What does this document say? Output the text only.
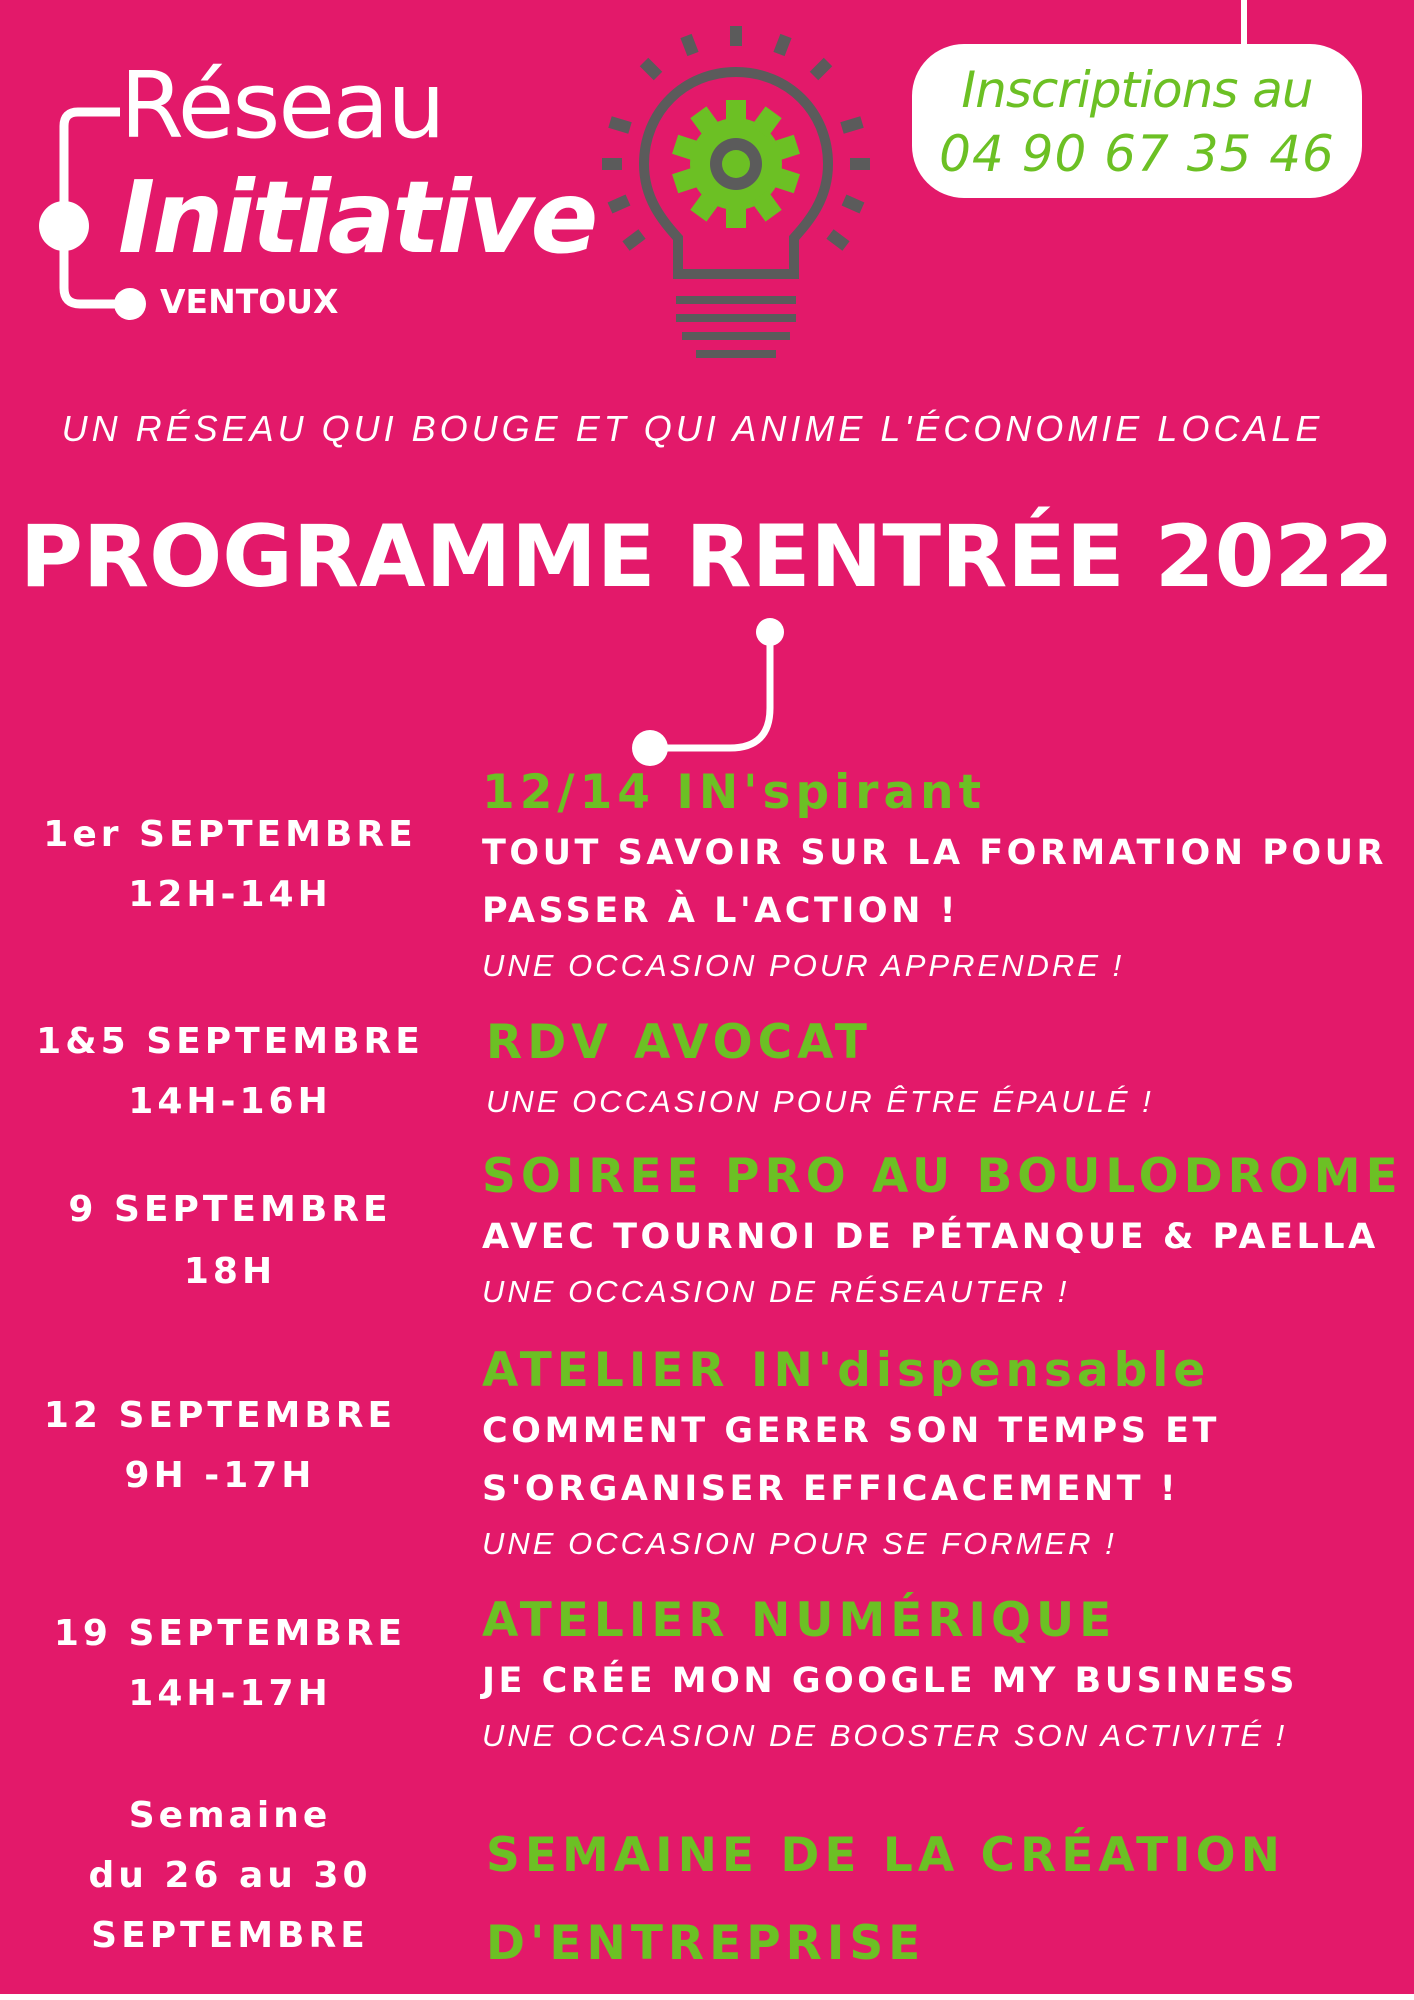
Réseau
Initiative
VENTOUX
Inscriptions au
04 90 67 35 46
UN RÉSEAU QUI BOUGE ET QUI ANIME L'ÉCONOMIE LOCALE
PROGRAMME RENTRÉE 2022
1er SEPTEMBRE
12H-14H
12/14 IN'spirant
TOUT SAVOIR SUR LA FORMATION POUR
PASSER À L'ACTION !
UNE OCCASION POUR APPRENDRE !
1&5 SEPTEMBRE
14H-16H
RDV AVOCAT
UNE OCCASION POUR ÊTRE ÉPAULÉ !
9 SEPTEMBRE
18H
SOIREE PRO AU BOULODROME
AVEC TOURNOI DE PÉTANQUE & PAELLA
UNE OCCASION DE RÉSEAUTER !
12 SEPTEMBRE
9H -17H
ATELIER IN'dispensable
COMMENT GERER SON TEMPS ET
S'ORGANISER EFFICACEMENT !
UNE OCCASION POUR SE FORMER !
19 SEPTEMBRE
14H-17H
ATELIER NUMÉRIQUE
JE CRÉE MON GOOGLE MY BUSINESS
UNE OCCASION DE BOOSTER SON ACTIVITÉ !
Semaine
du 26 au 30
SEPTEMBRE
SEMAINE DE LA CRÉATION
D'ENTREPRISE
